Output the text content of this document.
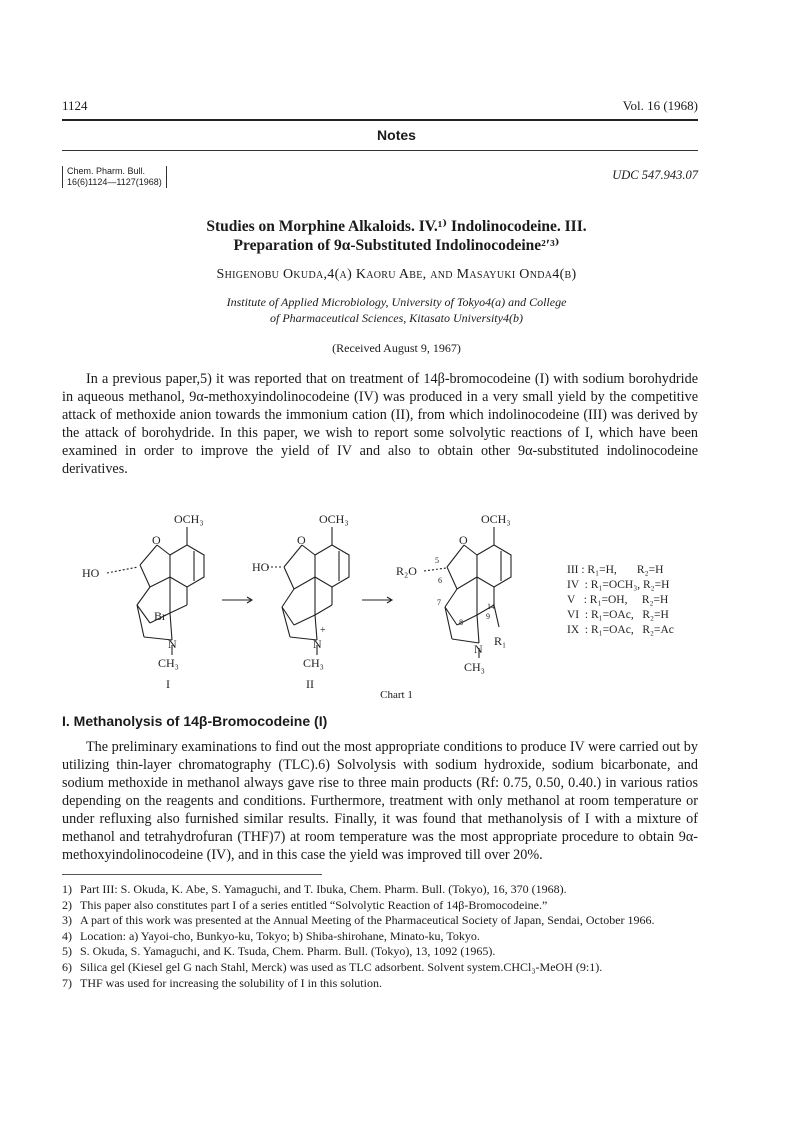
1124	Vol. 16 (1968)
Notes
Chem. Pharm. Bull.
16(6)1124—1127(1968)	UDC 547.943.07
Studies on Morphine Alkaloids. IV.¹⁾ Indolinocodeine. III.
Preparation of 9α-Substituted Indolinocodeine²ʹ³⁾
Shigenobu Okuda,4(a) Kaoru Abe, and Masayuki Onda4(b)
Institute of Applied Microbiology, University of Tokyo4(a) and College
of Pharmaceutical Sciences, Kitasato University4(b)
(Received August 9, 1967)
In a previous paper,5) it was reported that on treatment of 14β-bromocodeine (I) with sodium borohydride in aqueous methanol, 9α-methoxyindolinocodeine (IV) was produced in a very small yield by the competitive attack of methoxide anion towards the immonium cation (II), from which indolinocodeine (III) was derived by the attack of borohydride. In this paper, we wish to report some solvolytic reactions of I, which have been examined in order to improve the yield of IV and also to obtain other 9α-substituted indolinocodeine derivatives.
OCH₃
O
HO
Br
N
CH₃
I
OCH₃
O
HO
+
N
CH₃
II
OCH₃
O
R₂O
5
6
7
8
14
9
N
R₁
CH₃
III : R₁=H,       R₂=H
IV  : R₁=OCH₃, R₂=H
V   : R₁=OH,     R₂=H
VI  : R₁=OAc,   R₂=H
IX  : R₁=OAc,   R₂=Ac
Chart 1
I. Methanolysis of 14β-Bromocodeine (I)
The preliminary examinations to find out the most appropriate conditions to produce IV were carried out by utilizing thin-layer chromatography (TLC).6) Solvolysis with sodium hydroxide, sodium bicarbonate, and sodium methoxide in methanol always gave rise to three main products (Rf: 0.75, 0.50, 0.40.) in various ratios depending on the reagents and conditions. Furthermore, treatment with only methanol at room temperature or under refluxing also furnished similar results. Finally, it was found that methanolysis of I with a mixture of methanol and tetrahydrofuran (THF)7) at room temperature was the most appropriate procedure to obtain 9α-methoxyindolinocodeine (IV), and in this case the yield was improved till over 20%.
1) Part III: S. Okuda, K. Abe, S. Yamaguchi, and T. Ibuka, Chem. Pharm. Bull. (Tokyo), 16, 370 (1968).
2) This paper also constitutes part I of a series entitled “Solvolytic Reaction of 14β-Bromocodeine.”
3) A part of this work was presented at the Annual Meeting of the Pharmaceutical Society of Japan, Sendai, October 1966.
4) Location: a) Yayoi-cho, Bunkyo-ku, Tokyo; b) Shiba-shirohane, Minato-ku, Tokyo.
5) S. Okuda, S. Yamaguchi, and K. Tsuda, Chem. Pharm. Bull. (Tokyo), 13, 1092 (1965).
6) Silica gel (Kiesel gel G nach Stahl, Merck) was used as TLC adsorbent. Solvent system.CHCl₃-MeOH (9:1).
7) THF was used for increasing the solubility of I in this solution.
